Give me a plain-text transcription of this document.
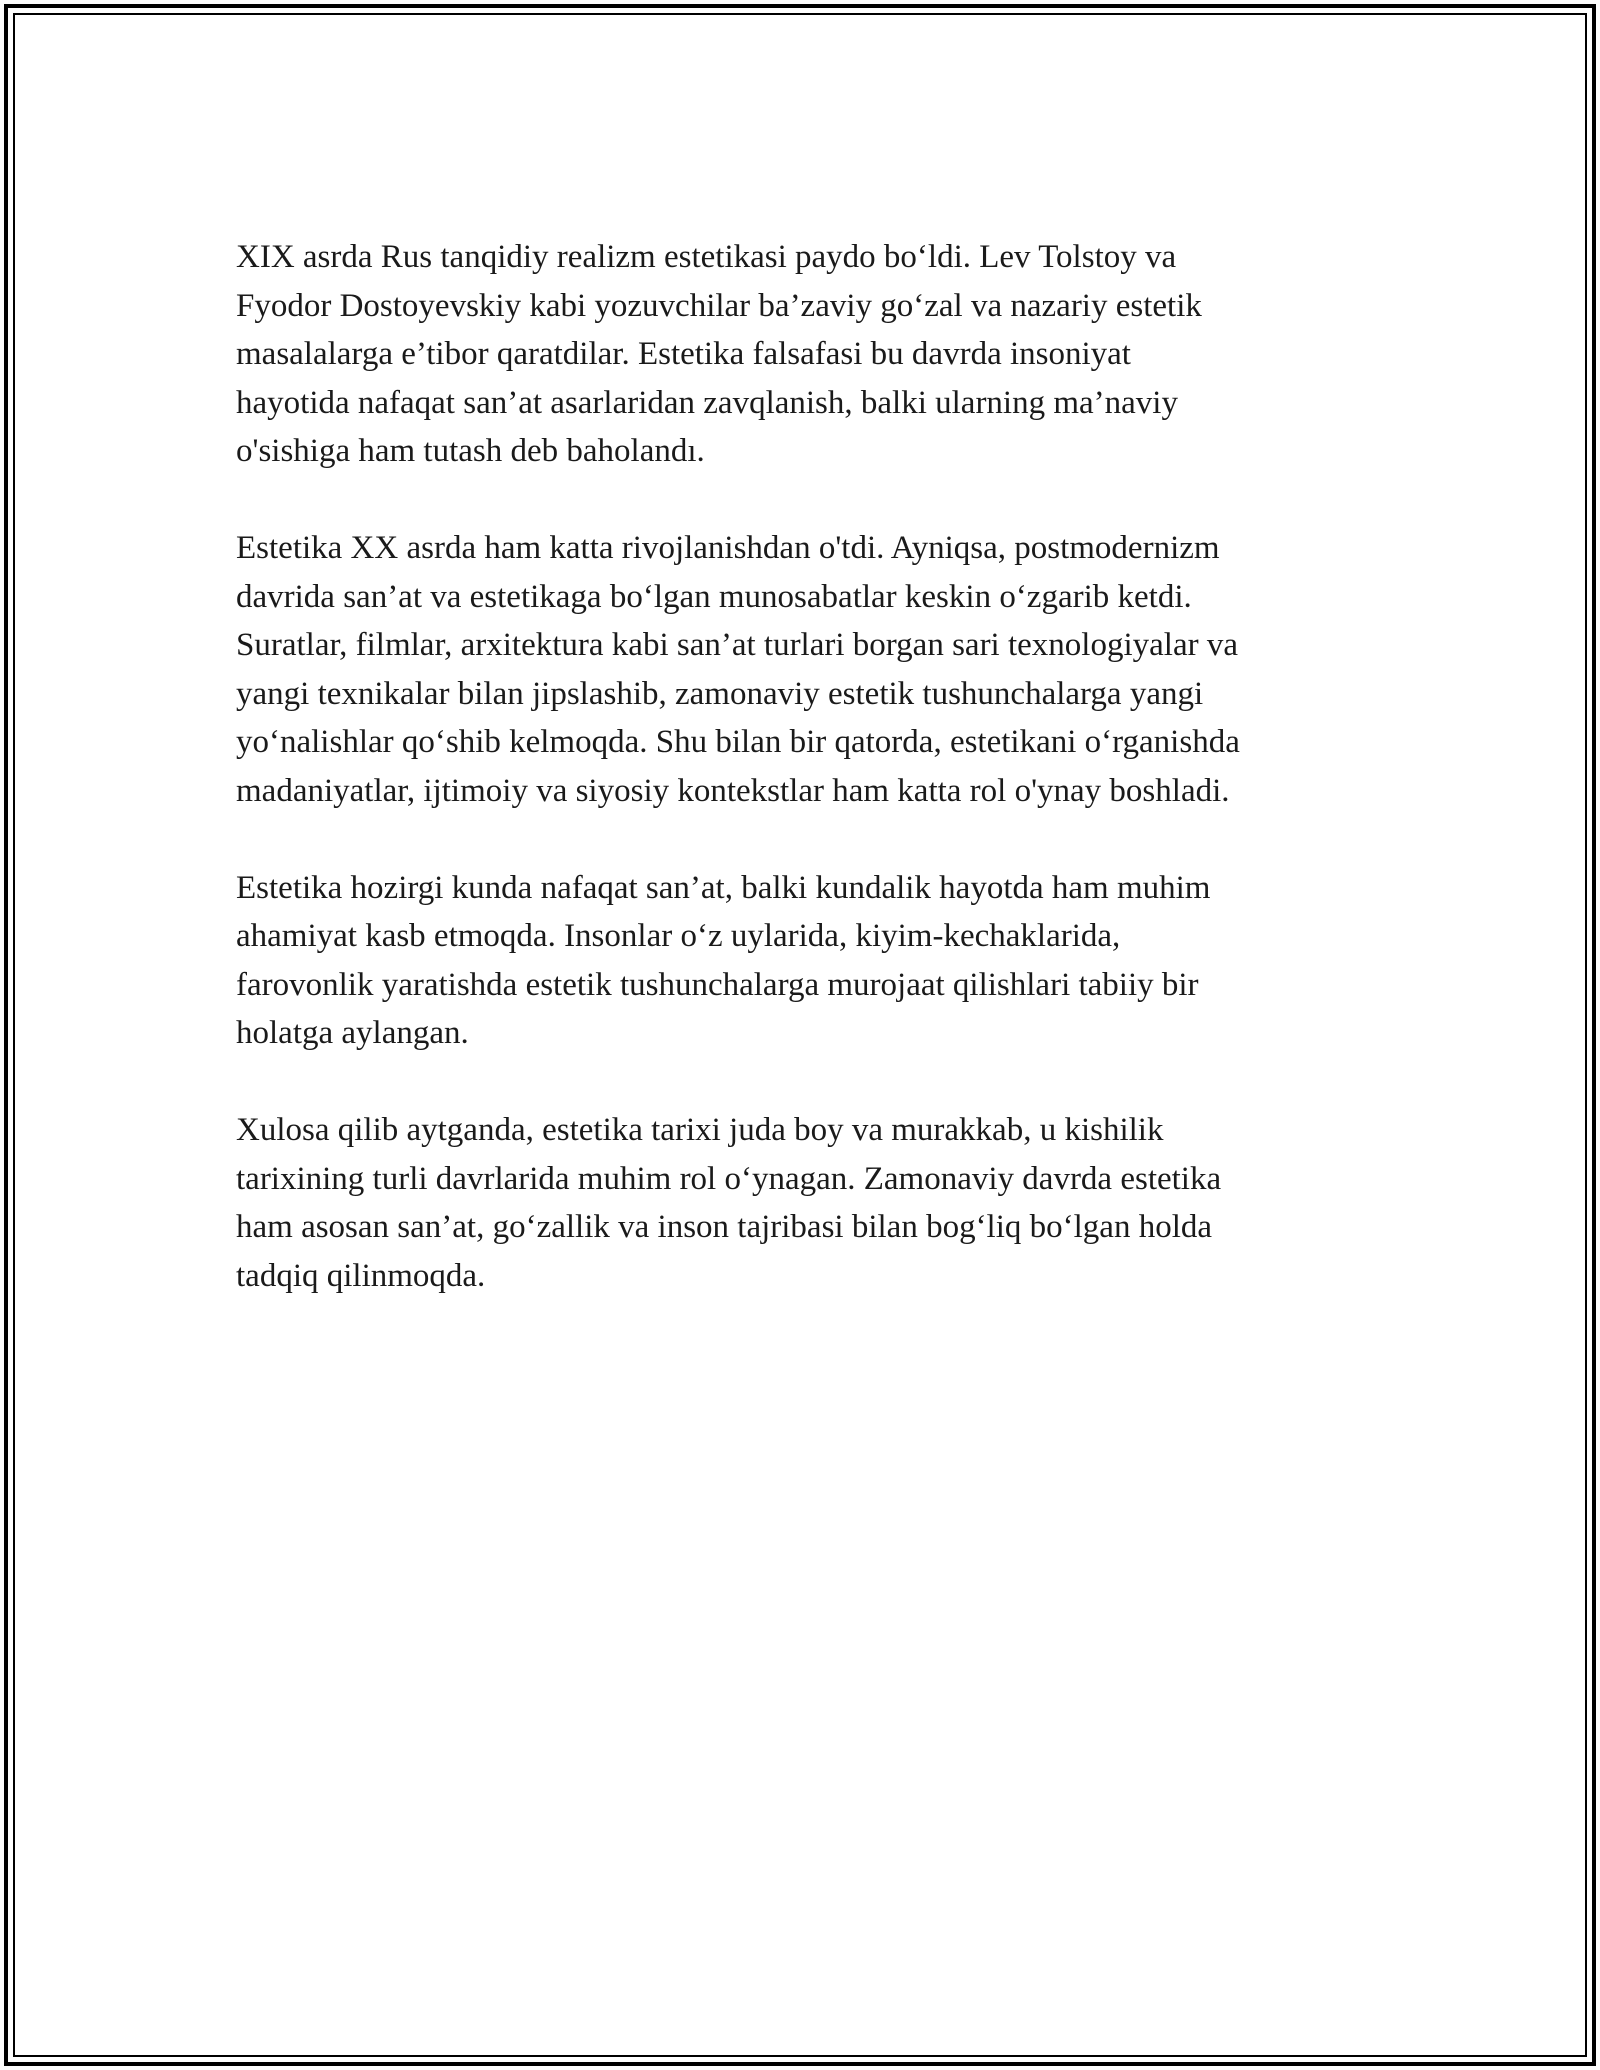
XIX asrda Rus tanqidiy realizm estetikasi paydo bo‘ldi. Lev Tolstoy va
Fyodor Dostoyevskiy kabi yozuvchilar ba’zaviy go‘zal va nazariy estetik
masalalarga e’tibor qaratdilar. Estetika falsafasi bu davrda insoniyat
hayotida nafaqat san’at asarlaridan zavqlanish, balki ularning ma’naviy
o'sishiga ham tutash deb baholandı.

Estetika XX asrda ham katta rivojlanishdan o'tdi. Ayniqsa, postmodernizm
davrida san’at va estetikaga bo‘lgan munosabatlar keskin o‘zgarib ketdi.
Suratlar, filmlar, arxitektura kabi san’at turlari borgan sari texnologiyalar va
yangi texnikalar bilan jipslashib, zamonaviy estetik tushunchalarga yangi
yo‘nalishlar qo‘shib kelmoqda. Shu bilan bir qatorda, estetikani o‘rganishda
madaniyatlar, ijtimoiy va siyosiy kontekstlar ham katta rol o'ynay boshladi.

Estetika hozirgi kunda nafaqat san’at, balki kundalik hayotda ham muhim
ahamiyat kasb etmoqda. Insonlar o‘z uylarida, kiyim-kechaklarida,
farovonlik yaratishda estetik tushunchalarga murojaat qilishlari tabiiy bir
holatga aylangan.

Xulosa qilib aytganda, estetika tarixi juda boy va murakkab, u kishilik
tarixining turli davrlarida muhim rol o‘ynagan. Zamonaviy davrda estetika
ham asosan san’at, go‘zallik va inson tajribasi bilan bog‘liq bo‘lgan holda
tadqiq qilinmoqda.
